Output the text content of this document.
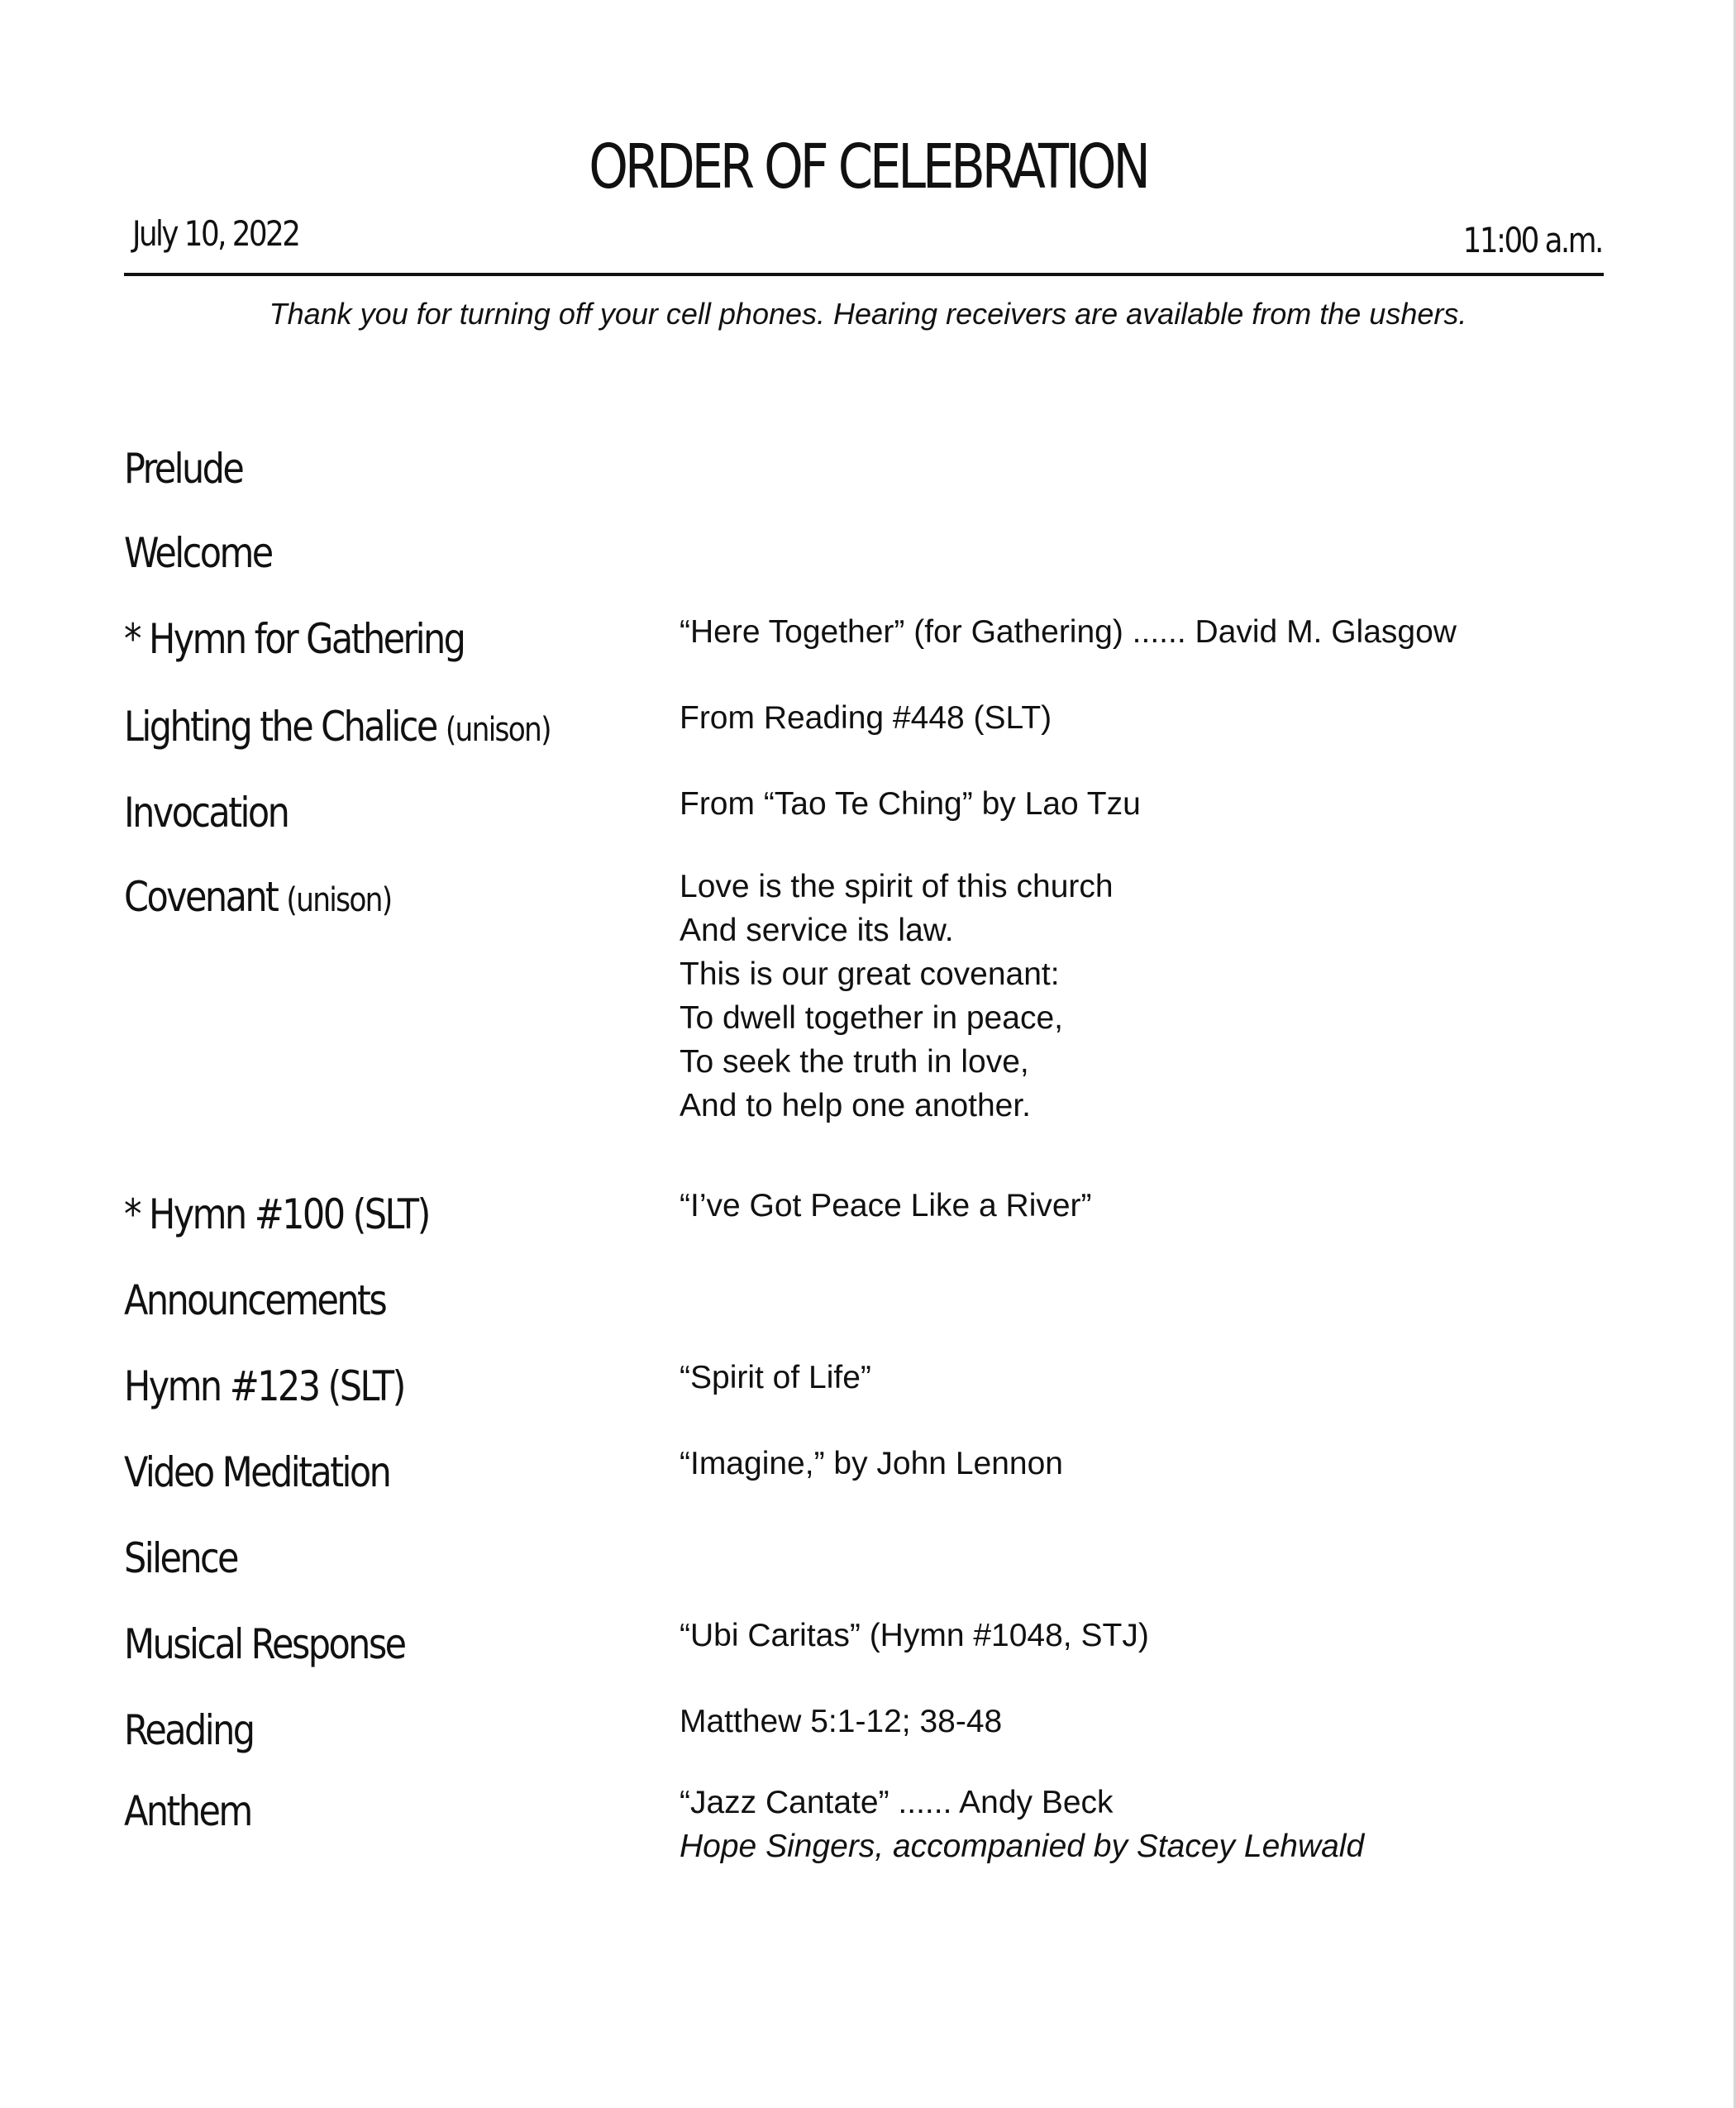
ORDER OF CELEBRATION
July 10, 2022	11:00 a.m.
Thank you for turning off your cell phones. Hearing receivers are available from the ushers.
Prelude
Welcome
* Hymn for Gathering	“Here Together” (for Gathering) ...... David M. Glasgow
Lighting the Chalice (unison)	From Reading #448 (SLT)
Invocation	From “Tao Te Ching” by Lao Tzu
Covenant (unison)	Love is the spirit of this church
And service its law.
This is our great covenant:
To dwell together in peace,
To seek the truth in love,
And to help one another.
* Hymn #100 (SLT)	“I’ve Got Peace Like a River”
Announcements
Hymn #123 (SLT)	“Spirit of Life”
Video Meditation	“Imagine,” by John Lennon
Silence
Musical Response	“Ubi Caritas” (Hymn #1048, STJ)
Reading	Matthew 5:1-12; 38-48
Anthem	“Jazz Cantate” ...... Andy Beck
Hope Singers, accompanied by Stacey Lehwald
